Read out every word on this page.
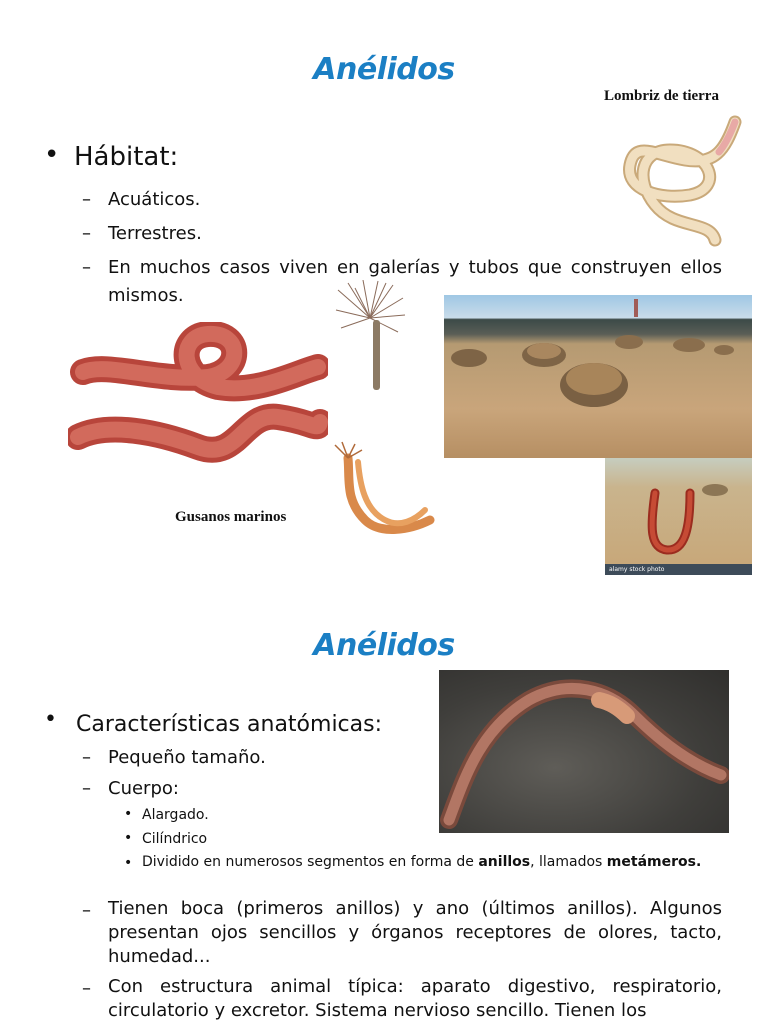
Anélidos
Lombriz de tierra
• Hábitat:
– Acuáticos.
– Terrestres.
– En muchos casos viven en galerías y tubos que construyen ellos mismos.
Gusanos marinos
alamy stock photo
Anélidos
• Características anatómicas:
– Pequeño tamaño.
– Cuerpo:
• Alargado.
• Cilíndrico
• Dividido en numerosos segmentos en forma de anillos, llamados metámeros.
– Tienen boca (primeros anillos) y ano (últimos anillos). Algunos presentan ojos sencillos y órganos receptores de olores, tacto, humedad...
– Con estructura animal típica: aparato digestivo, respiratorio, circulatorio y excretor. Sistema nervioso sencillo. Tienen los
